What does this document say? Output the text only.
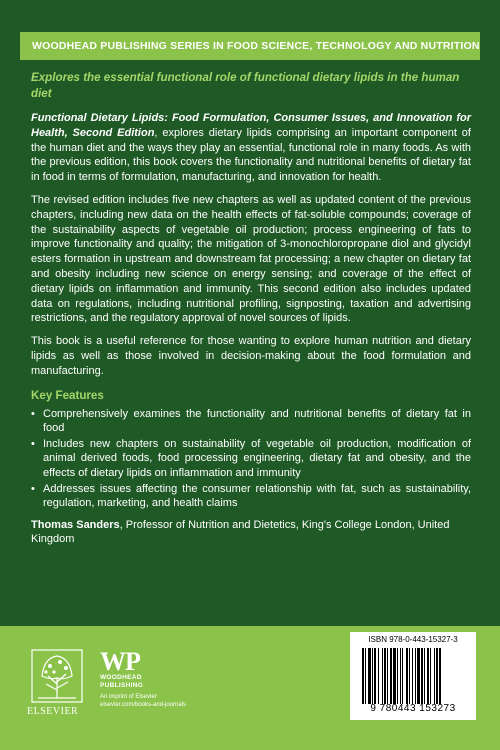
WOODHEAD PUBLISHING SERIES IN FOOD SCIENCE, TECHNOLOGY AND NUTRITION
Explores the essential functional role of functional dietary lipids in the human diet

Functional Dietary Lipids: Food Formulation, Consumer Issues, and Innovation for Health, Second Edition, explores dietary lipids comprising an important component of the human diet and the ways they play an essential, functional role in many foods. As with the previous edition, this book covers the functionality and nutritional benefits of dietary fat in food in terms of formulation, manufacturing, and innovation for health.

The revised edition includes five new chapters as well as updated content of the previous chapters, including new data on the health effects of fat-soluble compounds; coverage of the sustainability aspects of vegetable oil production; process engineering of fats to improve functionality and quality; the mitigation of 3-monochloropropane diol and glycidyl esters formation in upstream and downstream fat processing; a new chapter on dietary fat and obesity including new science on energy sensing; and coverage of the effect of dietary lipids on inflammation and immunity. This second edition also includes updated data on regulations, including nutritional profiling, signposting, taxation and advertising restrictions, and the regulatory approval of novel sources of lipids.

This book is a useful reference for those wanting to explore human nutrition and dietary lipids as well as those involved in decision-making about the food formulation and manufacturing.

Key Features
• Comprehensively examines the functionality and nutritional benefits of dietary fat in food
• Includes new chapters on sustainability of vegetable oil production, modification of animal derived foods, food processing engineering, dietary fat and obesity, and the effects of dietary lipids on inflammation and immunity
• Addresses issues affecting the consumer relationship with fat, such as sustainability, regulation, marketing, and health claims
Thomas Sanders, Professor of Nutrition and Dietetics, King's College London, United Kingdom
ELSEVIER
WP
WOODHEAD
PUBLISHING
An imprint of Elsevier
elsevier.com/books-and-journals
ISBN 978-0-443-15327-3
9 780443 153273
